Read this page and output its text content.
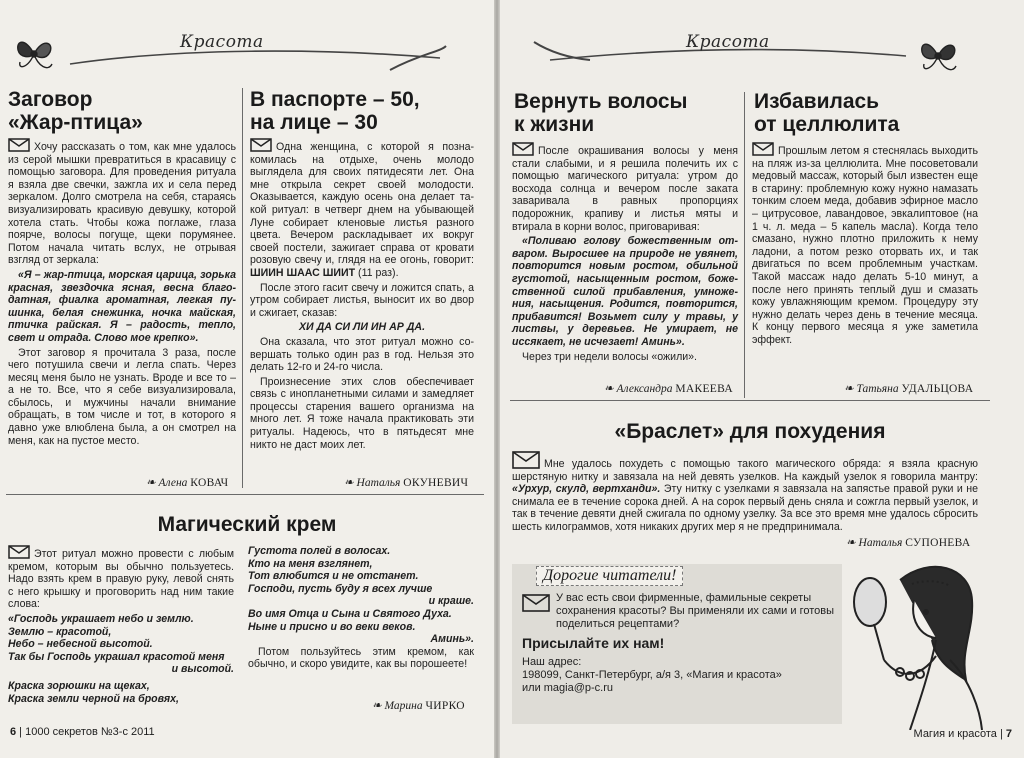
Красота
Заговор
«Жар-птица»

Хочу рассказать о том, как мне удалось из серой мышки превратиться в красавицу с помощью заговора. Для проведения ритуала я взяла две свечки, зажгла их и села перед зеркалом. Долго смотрела на себя, стараясь визуализировать красивую девушку, которой хотела стать. Чтобы кожа поглаже, глаза поярче, волосы погуще, щеки порумянее. Потом начала читать вслух, не отрывая взгляд от зеркала:

«Я – жар-птица, морская царица, зорька красная, звездочка ясная, весна благодатная, фиалка ароматная, легкая пушинка, белая снежинка, ночка майская, птичка райская. Я – радость, тепло, свет и отрада. Слово мое крепко».

Этот заговор я прочитала 3 раза, после чего потушила свечи и легла спать. Через месяц меня было не узнать. Вроде и все то – а не то. Все, что я себе визуализировала, сбылось, и мужчины начали внимание обращать, в том числе и тот, в которого я давно уже влюблена была, а он смотрел на меня, как на пустое место.

❧ Алена КОВАЧ
В паспорте – 50,
на лице – 30

Одна женщина, с которой я познакомилась на отдыхе, очень молодо выглядела для своих пятидесяти лет. Она мне открыла секрет своей молодости. Оказывается, каждую осень она делает такой ритуал: в четверг днем на убывающей Луне собирает кленовые листья разного цвета. Вечером раскладывает их вокруг своей постели, зажигает справа от кровати розовую свечу и, глядя на ее огонь, говорит: ШИИН ШААС ШИИТ (11 раз).

После этого гасит свечу и ложится спать, а утром собирает листья, выносит их во двор и сжигает, сказав:

ХИ ДА СИ ЛИ ИН АР ДА.

Она сказала, что этот ритуал можно совершать только один раз в год. Нельзя это делать 12-го и 24-го числа.

Произнесение этих слов обеспечивает связь с инопланетными силами и замедляет процессы старения вашего организма на много лет. Я тоже начала практиковать эти ритуалы. Надеюсь, что в пятьдесят мне никто не даст моих лет.

❧ Наталья ОКУНЕВИЧ
Магический крем

Этот ритуал можно провести с любым кремом, которым вы обычно пользуетесь. Надо взять крем в правую руку, левой снять с него крышку и проговорить над ним такие слова:

«Господь украшает небо и землю.
Землю – красотой,
Небо – небесной высотой.
Так бы Господь украшал красотой меня
и высотой.
Краска зорюшки на щеках,
Краска земли черной на бровях,
Густота полей в волосах.
Кто на меня взглянет,
Тот влюбится и не отстанет.
Господи, пусть буду я всех лучше
и краше.
Во имя Отца и Сына и Святого Духа.
Ныне и присно и во веки веков.
Аминь».

Потом пользуйтесь этим кремом, как обычно, и скоро увидите, как вы порошеете!

❧ Марина ЧИРКО
6 | 1000 секретов №3-с 2011
Красота
Вернуть волосы
к жизни

После окрашивания волосы у меня стали слабыми, и я решила полечить их с помощью магического ритуала: утром до восхода солнца и вечером после заката заваривала в равных пропорциях подорожник, крапиву и листья мяты и втирала в корни волос, приговаривая:

«Поливаю голову божественным отваром. Выросшее на природе не увянет, повторится новым ростом, обильной густотой, насыщенным ростом, божественной силой прибавления, умножения, насыщения. Родится, повторится, прибавится! Возьмет силу у травы, у листвы, у деревьев. Не умирает, не иссякает, не исчезает! Аминь».

Через три недели волосы «ожили».

❧ Александра МАКЕЕВА
Избавилась
от целлюлита

Прошлым летом я стеснялась выходить на пляж из-за целлюлита. Мне посоветовали медовый массаж, который был известен еще в старину: проблемную кожу нужно намазать тонким слоем меда, добавив эфирное масло – цитрусовое, лавандовое, эвкалиптовое (на 1 ч. л. меда – 5 капель масла). Когда тело смазано, нужно плотно приложить к нему ладони, а потом резко оторвать их, и так двигаться по всем проблемным участкам. Такой массаж надо делать 5-10 минут, а после него принять теплый душ и смазать кожу увлажняющим кремом. Процедуру эту нужно делать через день в течение месяца. К концу первого месяца я уже заметила эффект.

❧ Татьяна УДАЛЬЦОВА
«Браслет» для похудения

Мне удалось похудеть с помощью такого магического обряда: я взяла красную шерстяную нитку и завязала на ней девять узелков. На каждый узелок я говорила мантру: «Урхур, скулд, вертханди». Эту нитку с узелками я завязала на запястье правой руки и не снимала ее в течение сорока дней. А на сорок первый день сняла и сожгла первый узелок, и так в течение девяти дней сжигала по одному узелку. За все это время мне удалось сбросить шесть килограммов, хотя никаких других мер я не предпринимала.

❧ Наталья СУПОНЕВА
Магия и красота | 7
Дорогие читатели!
У вас есть свои фирменные, фамильные секреты сохранения красоты? Вы применяли их сами и готовы поделиться рецептами?
Присылайте их нам!
Наш адрес:
198099, Санкт-Петербург, а/я 3, «Магия и красота»
или magia@p-c.ru
